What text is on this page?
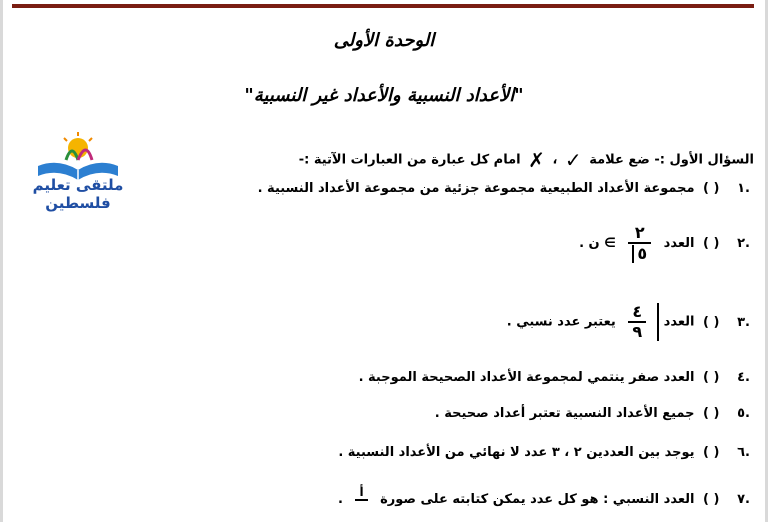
الوحدة الأولى
"الأعداد النسبية والأعداد غير النسبية"
ملتقى تعليم فلسطين
السؤال الأول :- ضع علامة ✓ ، ✗ امام كل عبارة من العبارات الآتية :-
.١ ( ) مجموعة الأعداد الطبيعية مجموعة جزئية من مجموعة الأعداد النسبية .
.٢ ( ) العدد
$\frac{٢}{٥}$
∋ ن .
.٣ ( ) العدد
$\frac{٤}{٩}$
يعتبر عدد نسبي .
.٤ ( ) العدد صفر ينتمي لمجموعة الأعداد الصحيحة الموجبة .
.٥ ( ) جميع الأعداد النسبية تعتبر أعداد صحيحة .
.٦ ( ) يوجد بين العددين ٢ ، ٣ عدد لا نهائي من الأعداد النسبية .
.٧ ( ) العدد النسبي : هو كل عدد يمكن كتابته على صورة
أ
.
